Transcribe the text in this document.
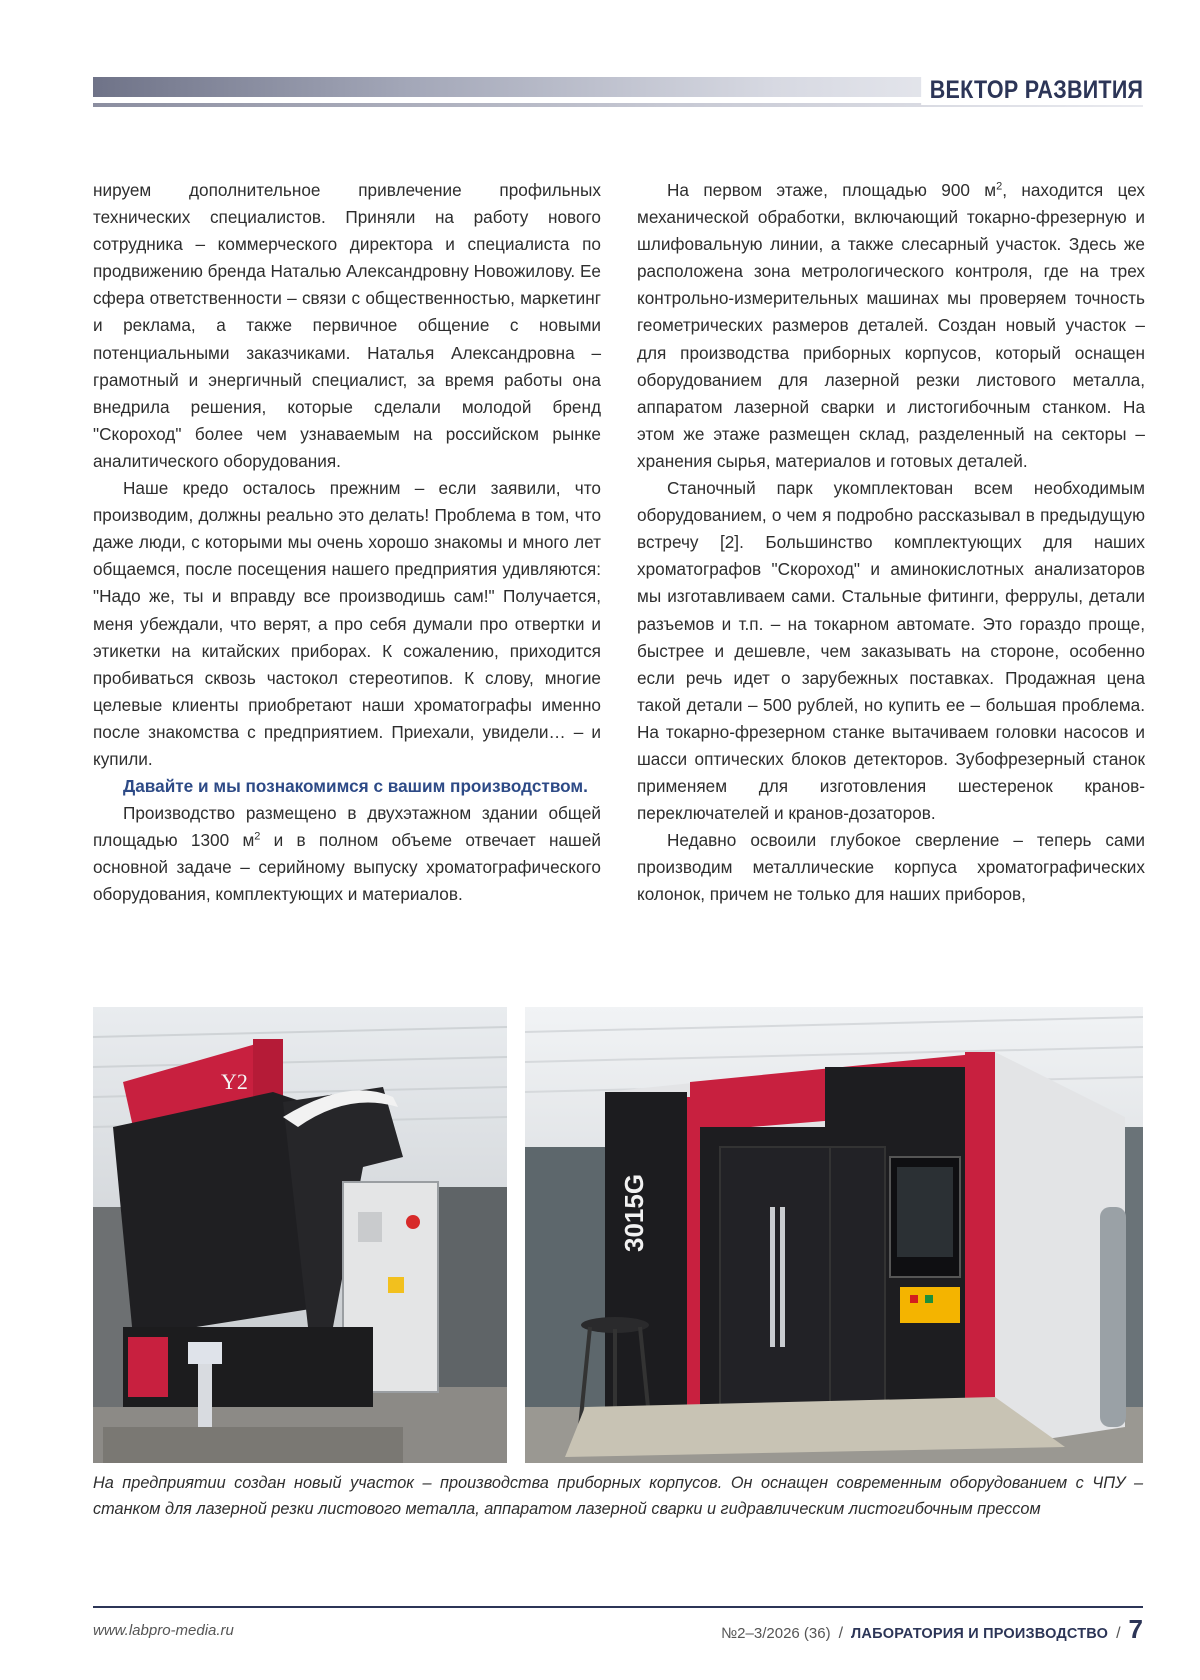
ВЕКТОР РАЗВИТИЯ

нируем дополнительное привлечение профильных технических специалистов. Приняли на работу нового сотрудника – коммерческого директора и специалиста по продвижению бренда Наталью Александровну Новожилову. Ее сфера ответственности – связи с общественностью, маркетинг и реклама, а также первичное общение с новыми потенциальными заказчиками. Наталья Александровна – грамотный и энергичный специалист, за время работы она внедрила решения, которые сделали молодой бренд "Скороход" более чем узнаваемым на российском рынке аналитического оборудования.

Наше кредо осталось прежним – если заявили, что производим, должны реально это делать! Проблема в том, что даже люди, с которыми мы очень хорошо знакомы и много лет общаемся, после посещения нашего предприятия удивляются: "Надо же, ты и вправду все производишь сам!" Получается, меня убеждали, что верят, а про себя думали про отвертки и этикетки на китайских приборах. К сожалению, приходится пробиваться сквозь частокол стереотипов. К слову, многие целевые клиенты приобретают наши хроматографы именно после знакомства с предприятием. Приехали, увидели… – и купили.

Давайте и мы познакомимся с вашим производством.

Производство размещено в двухэтажном здании общей площадью 1300 $м^2$ и в полном объеме отвечает нашей основной задаче – серийному выпуску хроматографического оборудования, комплектующих и материалов.

На первом этаже, площадью 900 $м^2$, находится цех механической обработки, включающий токарно-фрезерную и шлифовальную линии, а также слесарный участок. Здесь же расположена зона метрологического контроля, где на трех контрольно-измерительных машинах мы проверяем точность геометрических размеров деталей. Создан новый участок – для производства приборных корпусов, который оснащен оборудованием для лазерной резки листового металла, аппаратом лазерной сварки и листогибочным станком. На этом же этаже размещен склад, разделенный на секторы – хранения сырья, материалов и готовых деталей.

Станочный парк укомплектован всем необходимым оборудованием, о чем я подробно рассказывал в предыдущую встречу [2]. Большинство комплектующих для наших хроматографов "Скороход" и аминокислотных анализаторов мы изготавливаем сами. Стальные фитинги, феррулы, детали разъемов и т.п. – на токарном автомате. Это гораздо проще, быстрее и дешевле, чем заказывать на стороне, особенно если речь идет о зарубежных поставках. Продажная цена такой детали – 500 рублей, но купить ее – большая проблема. На токарно-фрезерном станке вытачиваем головки насосов и шасси оптических блоков детекторов. Зубофрезерный станок применяем для изготовления шестеренок кранов-переключателей и кранов-дозаторов.

Недавно освоили глубокое сверление – теперь сами производим металлические корпуса хроматографических колонок, причем не только для наших приборов,

Y2
3015G
На предприятии создан новый участок – производства приборных корпусов. Он оснащен современным оборудованием с ЧПУ – станком для лазерной резки листового металла, аппаратом лазерной сварки и гидравлическим листогибочным прессом
www.labpro-media.ru	№2–3/2026 (36) / ЛАБОРАТОРИЯ И ПРОИЗВОДСТВО / 7
